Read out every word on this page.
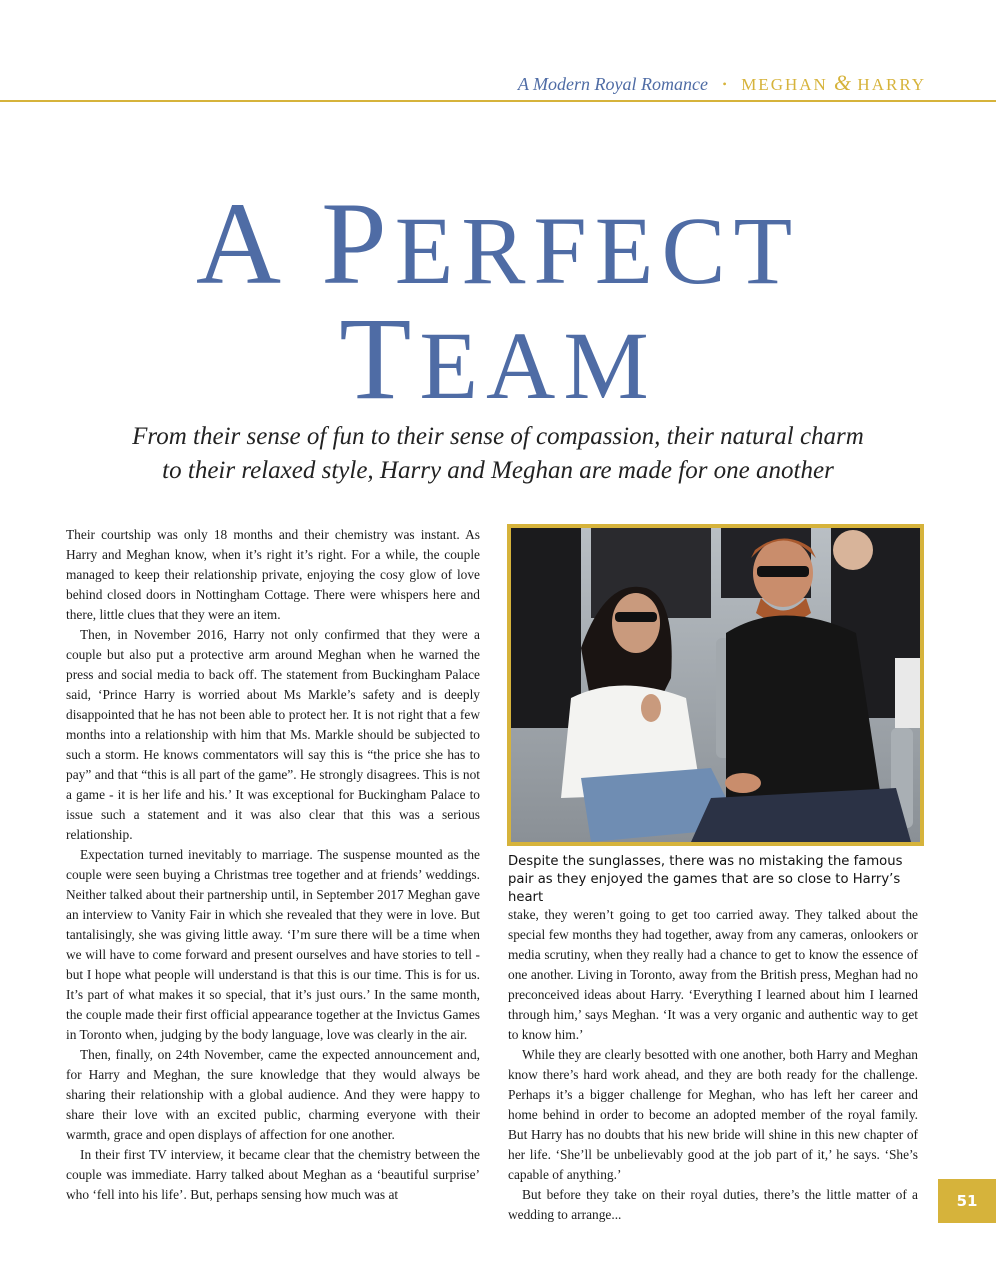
A Modern Royal Romance • MEGHAN & HARRY
A PERFECT
TEAM

From their sense of fun to their sense of compassion, their natural charm
to their relaxed style, Harry and Meghan are made for one another

Their courtship was only 18 months and their chemistry was instant. As Harry and Meghan know, when it’s right it’s right. For a while, the couple managed to keep their relationship private, enjoying the cosy glow of love behind closed doors in Nottingham Cottage. There were whispers here and there, little clues that they were an item.

Then, in November 2016, Harry not only confirmed that they were a couple but also put a protective arm around Meghan when he warned the press and social media to back off. The statement from Buckingham Palace said, ‘Prince Harry is worried about Ms Markle’s safety and is deeply disappointed that he has not been able to protect her. It is not right that a few months into a relationship with him that Ms. Markle should be subjected to such a storm. He knows commentators will say this is “the price she has to pay” and that “this is all part of the game”. He strongly disagrees. This is not a game - it is her life and his.’ It was exceptional for Buckingham Palace to issue such a statement and it was also clear that this was a serious relationship.

Expectation turned inevitably to marriage. The suspense mounted as the couple were seen buying a Christmas tree together and at friends’ weddings. Neither talked about their partnership until, in September 2017 Meghan gave an interview to Vanity Fair in which she revealed that they were in love. But tantalisingly, she was giving little away. ‘I’m sure there will be a time when we will have to come forward and present ourselves and have stories to tell - but I hope what people will understand is that this is our time. This is for us. It’s part of what makes it so special, that it’s just ours.’ In the same month, the couple made their first official appearance together at the Invictus Games in Toronto when, judging by the body language, love was clearly in the air.

Then, finally, on 24th November, came the expected announcement and, for Harry and Meghan, the sure knowledge that they would always be sharing their relationship with a global audience. And they were happy to share their love with an excited public, charming everyone with their warmth, grace and open displays of affection for one another.

In their first TV interview, it became clear that the chemistry between the couple was immediate. Harry talked about Meghan as a ‘beautiful surprise’ who ‘fell into his life’. But, perhaps sensing how much was at

Despite the sunglasses, there was no mistaking the famous pair as they enjoyed the games that are so close to Harry’s heart

stake, they weren’t going to get too carried away. They talked about the special few months they had together, away from any cameras, onlookers or media scrutiny, when they really had a chance to get to know the essence of one another. Living in Toronto, away from the British press, Meghan had no preconceived ideas about Harry. ‘Everything I learned about him I learned through him,’ says Meghan. ‘It was a very organic and authentic way to get to know him.’

While they are clearly besotted with one another, both Harry and Meghan know there’s hard work ahead, and they are both ready for the challenge. Perhaps it’s a bigger challenge for Meghan, who has left her career and home behind in order to become an adopted member of the royal family. But Harry has no doubts that his new bride will shine in this new chapter of her life. ‘She’ll be unbelievably good at the job part of it,’ he says. ‘She’s capable of anything.’

But before they take on their royal duties, there’s the little matter of a wedding to arrange...

51
